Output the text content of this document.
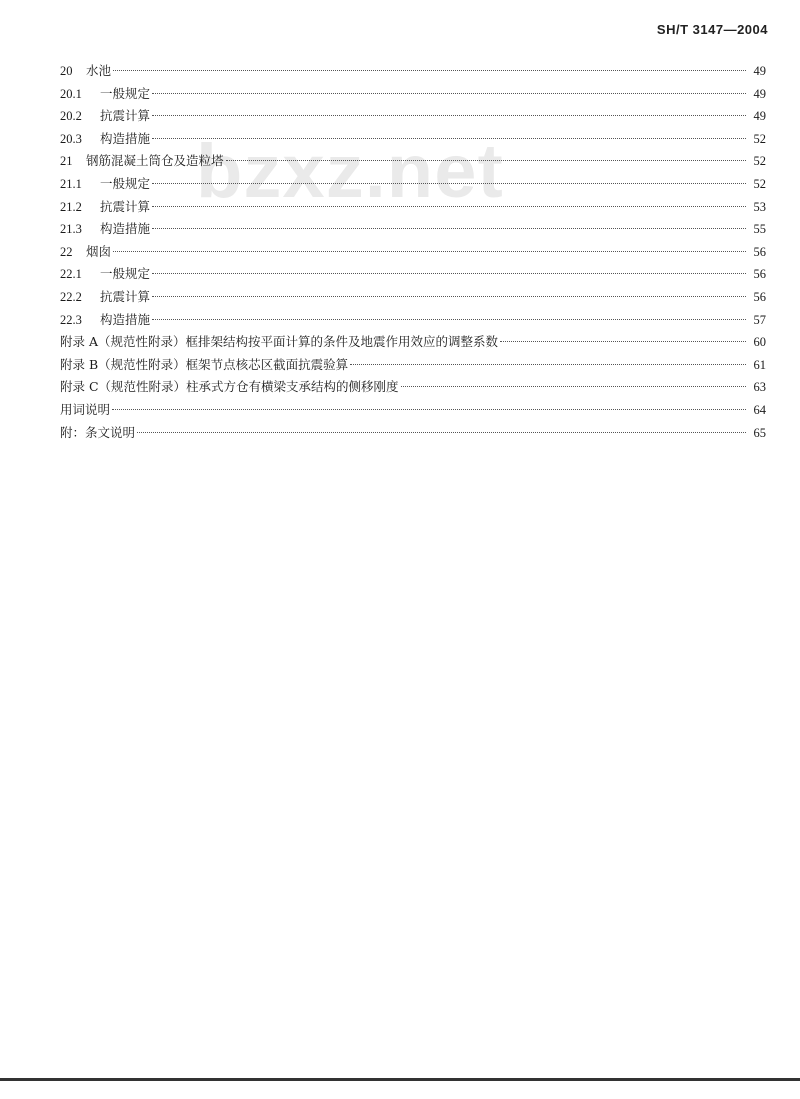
SH/T 3147—2004
bzxz.net
20	水池	49
20.1	一般规定	49
20.2	抗震计算	49
20.3	构造措施	52
21	钢筋混凝土筒仓及造粒塔	52
21.1	一般规定	52
21.2	抗震计算	53
21.3	构造措施	55
22	烟囱	56
22.1	一般规定	56
22.2	抗震计算	56
22.3	构造措施	57
附录 A（规范性附录）框排架结构按平面计算的条件及地震作用效应的调整系数	60
附录 B（规范性附录）框架节点核芯区截面抗震验算	61
附录 C（规范性附录）柱承式方仓有横梁支承结构的侧移刚度	63
用词说明	64
附：条文说明	65
